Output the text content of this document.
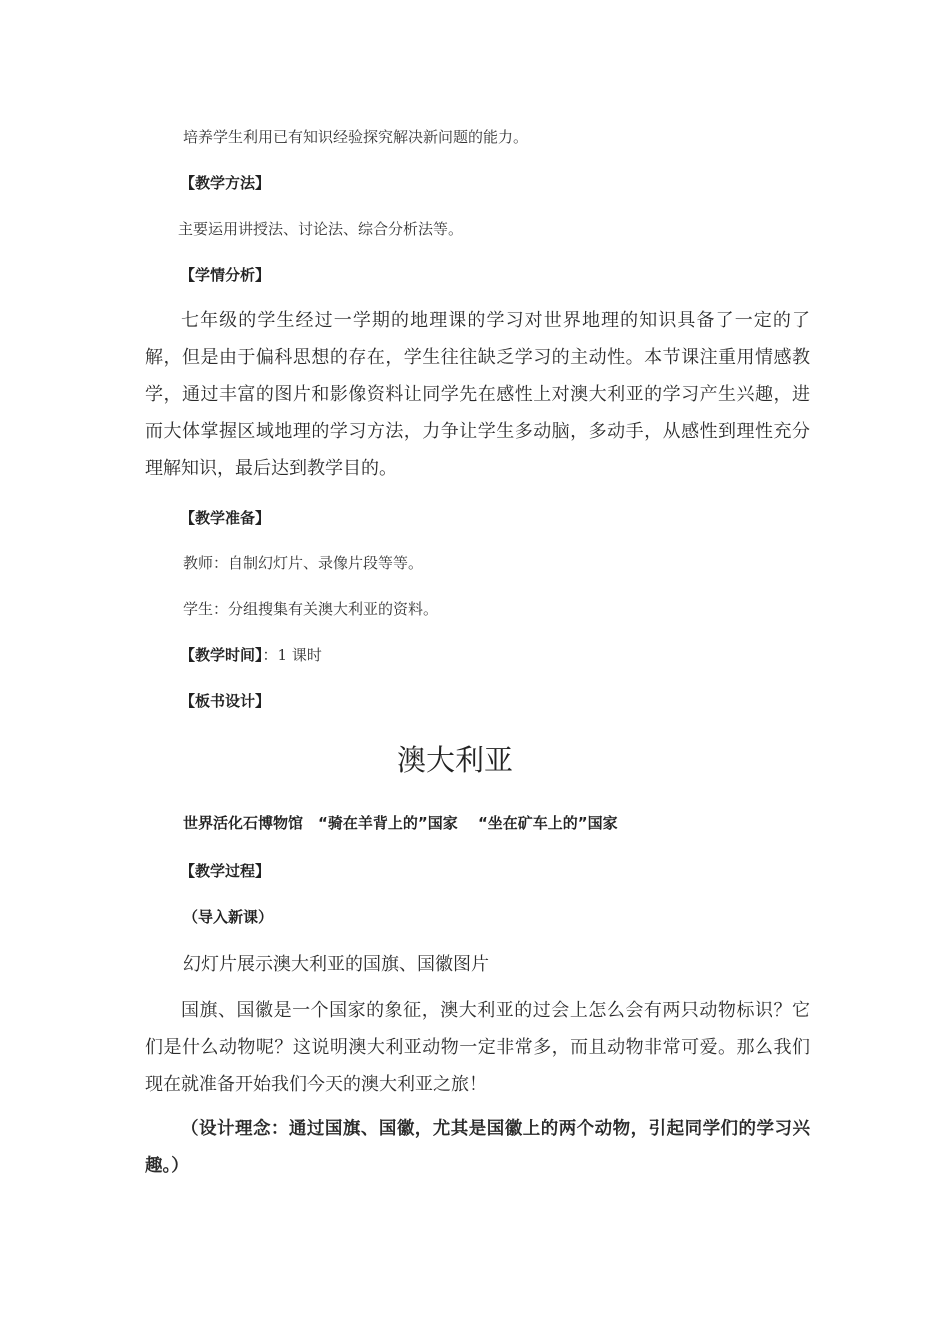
培养学生利用已有知识经验探究解决新问题的能力。
【教学方法】
主要运用讲授法、讨论法、综合分析法等。
【学情分析】

七年级的学生经过一学期的地理课的学习对世界地理的知识具备了一定的了解，但是由于偏科思想的存在，学生往往缺乏学习的主动性。本节课注重用情感教学，通过丰富的图片和影像资料让同学先在感性上对澳大利亚的学习产生兴趣，进而大体掌握区域地理的学习方法，力争让学生多动脑，多动手，从感性到理性充分理解知识，最后达到教学目的。

【教学准备】
教师：自制幻灯片、录像片段等等。
学生：分组搜集有关澳大利亚的资料。
【教学时间】：1 课时
【板书设计】
澳大利亚
世界活化石博物馆　“骑在羊背上的”国家　 “坐在矿车上的”国家
【教学过程】
（导入新课）
幻灯片展示澳大利亚的国旗、国徽图片

国旗、国徽是一个国家的象征，澳大利亚的过会上怎么会有两只动物标识？它们是什么动物呢？这说明澳大利亚动物一定非常多，而且动物非常可爱。那么我们现在就准备开始我们今天的澳大利亚之旅！

（设计理念：通过国旗、国徽，尤其是国徽上的两个动物，引起同学们的学习兴趣。）
